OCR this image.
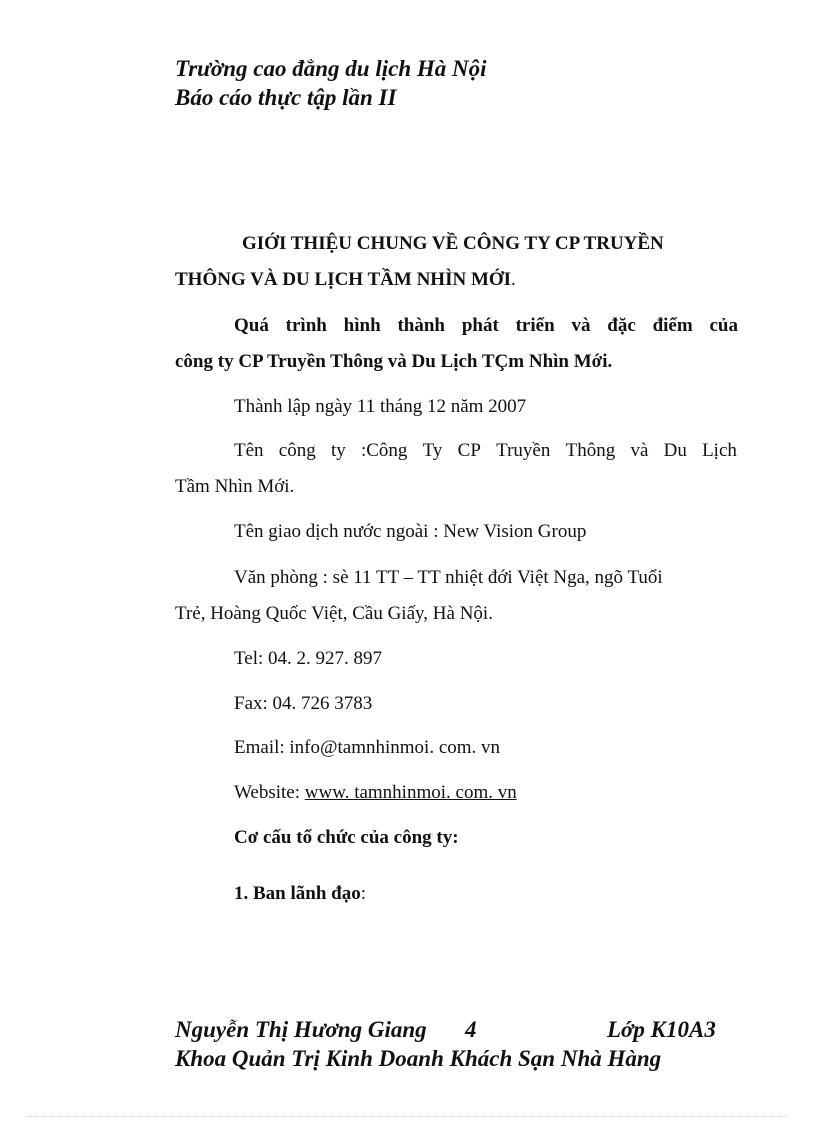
Trường cao đẳng du lịch Hà Nội
Báo cáo thực tập lần II
GIỚI THIỆU CHUNG VỀ CÔNG TY CP TRUYỀN
THÔNG VÀ DU LỊCH TẦM NHÌN MỚI.
Quá trình hình thành phát triển và đặc điểm của
công ty CP Truyền Thông và Du Lịch TÇm Nhìn Mới.
Thành lập ngày 11 tháng 12 năm 2007
Tên công ty :Công Ty CP Truyền Thông và Du Lịch
Tầm Nhìn Mới.
Tên giao dịch nước ngoài : New Vision Group
Văn phòng : sè 11 TT – TT nhiệt đới Việt Nga, ngõ Tuổi
Trẻ, Hoàng Quốc Việt, Cầu Giấy, Hà Nội.
Tel: 04. 2. 927. 897
Fax: 04. 726 3783
Email: info@tamnhinmoi. com. vn
Website: www. tamnhinmoi. com. vn
Cơ cấu tổ chức của công ty:
1. Ban lãnh đạo:
Nguyễn Thị Hương Giang 4	Lớp K10A3
Khoa Quản Trị Kinh Doanh Khách Sạn Nhà Hàng
